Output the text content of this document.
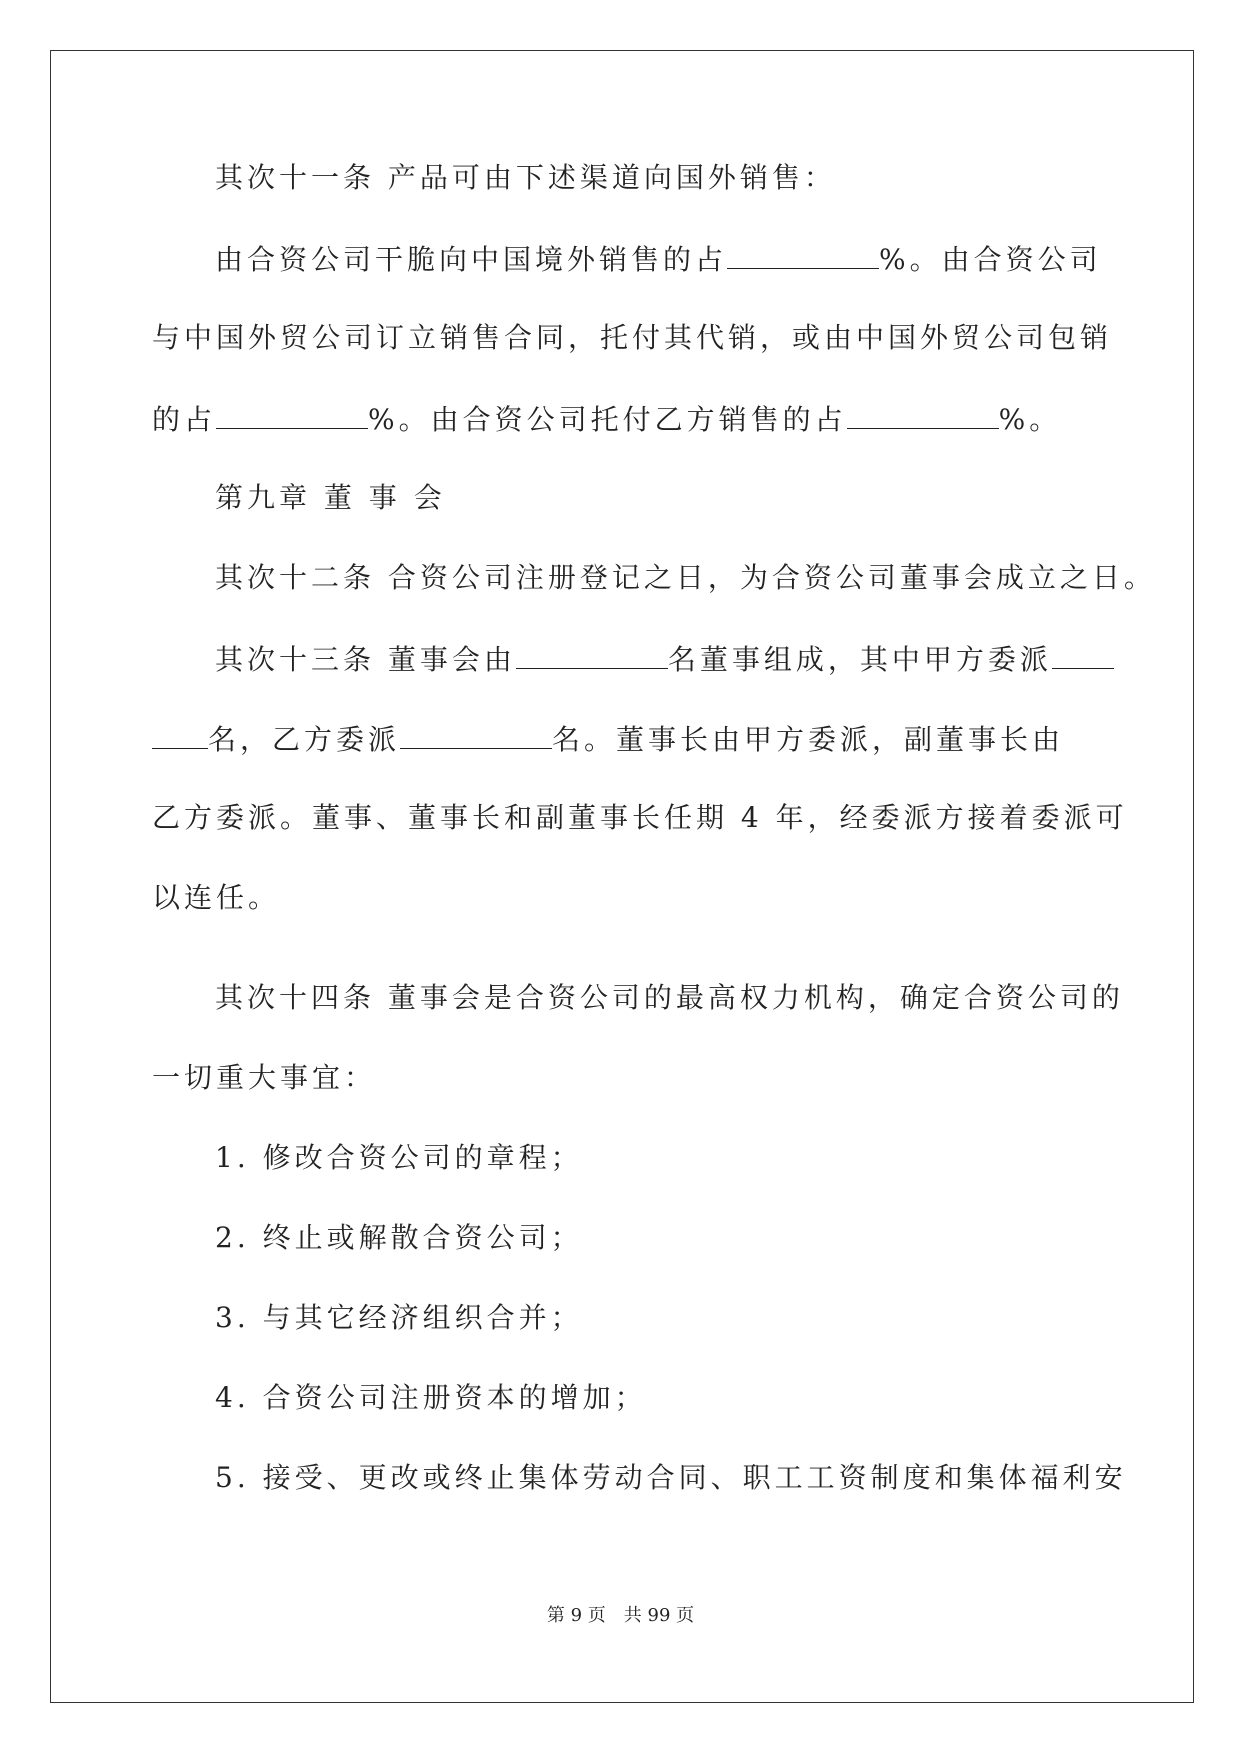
其次十一条 产品可由下述渠道向国外销售：
由合资公司干脆向中国境外销售的占	%。由合资公司
与中国外贸公司订立销售合同，托付其代销，或由中国外贸公司包销
的占	%。由合资公司托付乙方销售的占	%。
第九章 董 事 会
其次十二条 合资公司注册登记之日，为合资公司董事会成立之日。
其次十三条 董事会由	名董事组成，其中甲方委派
名，乙方委派	名。董事长由甲方委派，副董事长由
乙方委派。董事、董事长和副董事长任期 4 年，经委派方接着委派可
以连任。
其次十四条 董事会是合资公司的最高权力机构，确定合资公司的
一切重大事宜：
1. 修改合资公司的章程；
2. 终止或解散合资公司；
3. 与其它经济组织合并；
4. 合资公司注册资本的增加；
5. 接受、更改或终止集体劳动合同、职工工资制度和集体福利安
第 9 页　共 99 页
